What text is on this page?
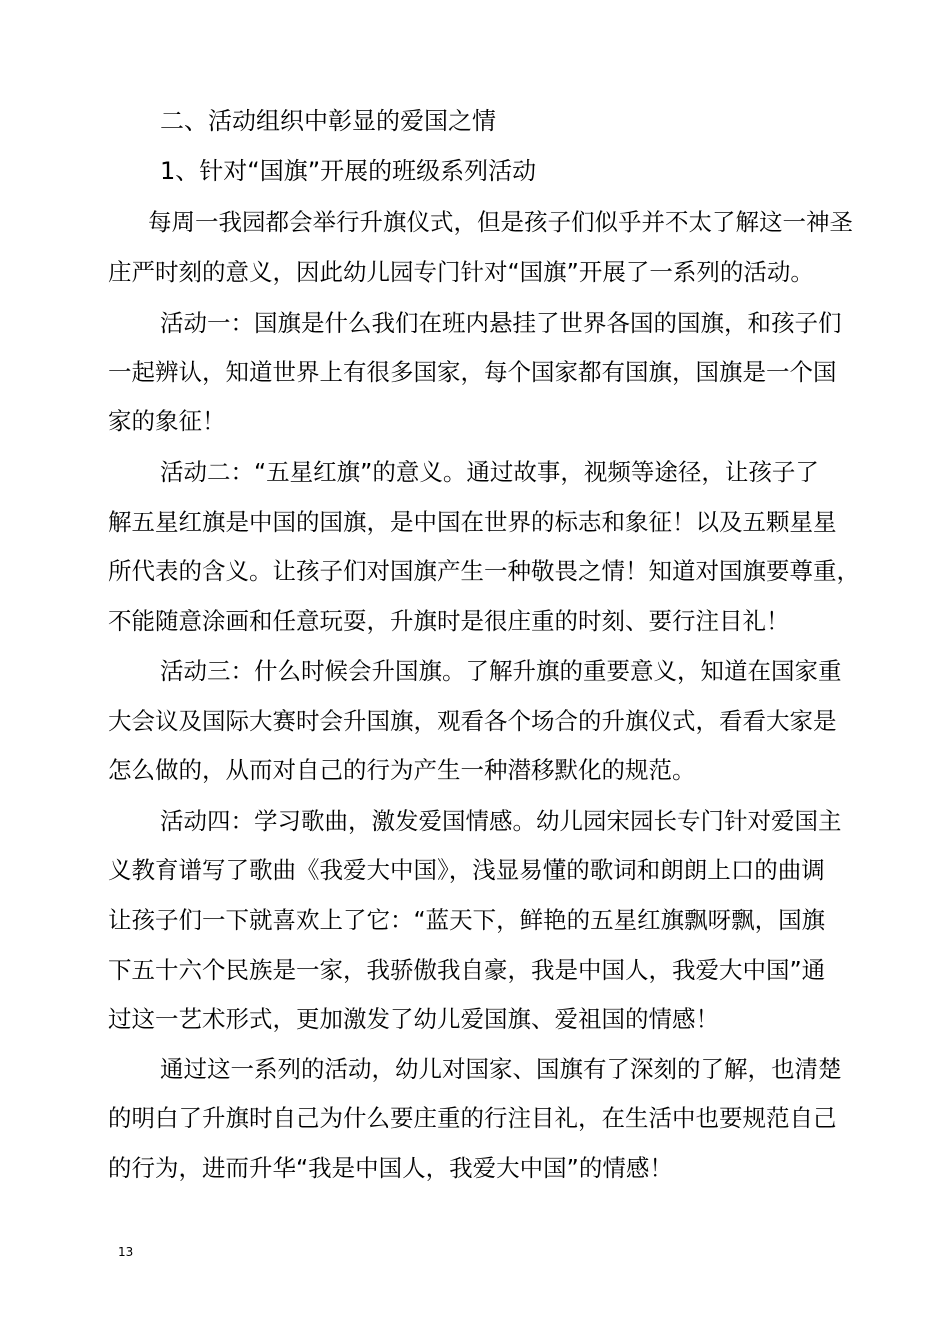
二、活动组织中彰显的爱国之情
1、针对“国旗”开展的班级系列活动
每周一我园都会举行升旗仪式，但是孩子们似乎并不太了解这一神圣
庄严时刻的意义，因此幼儿园专门针对“国旗”开展了一系列的活动。
活动一：国旗是什么我们在班内悬挂了世界各国的国旗，和孩子们
一起辨认，知道世界上有很多国家，每个国家都有国旗，国旗是一个国
家的象征！
活动二：“五星红旗”的意义。通过故事，视频等途径，让孩子了
解五星红旗是中国的国旗，是中国在世界的标志和象征！以及五颗星星
所代表的含义。让孩子们对国旗产生一种敬畏之情！知道对国旗要尊重，
不能随意涂画和任意玩耍，升旗时是很庄重的时刻、要行注目礼！
活动三：什么时候会升国旗。了解升旗的重要意义，知道在国家重
大会议及国际大赛时会升国旗，观看各个场合的升旗仪式，看看大家是
怎么做的，从而对自己的行为产生一种潜移默化的规范。
活动四：学习歌曲，激发爱国情感。幼儿园宋园长专门针对爱国主
义教育谱写了歌曲《我爱大中国》，浅显易懂的歌词和朗朗上口的曲调
让孩子们一下就喜欢上了它：“蓝天下，鲜艳的五星红旗飘呀飘，国旗
下五十六个民族是一家，我骄傲我自豪，我是中国人，我爱大中国”通
过这一艺术形式，更加激发了幼儿爱国旗、爱祖国的情感！
通过这一系列的活动，幼儿对国家、国旗有了深刻的了解，也清楚
的明白了升旗时自己为什么要庄重的行注目礼，在生活中也要规范自己
的行为，进而升华“我是中国人，我爱大中国”的情感！
13
